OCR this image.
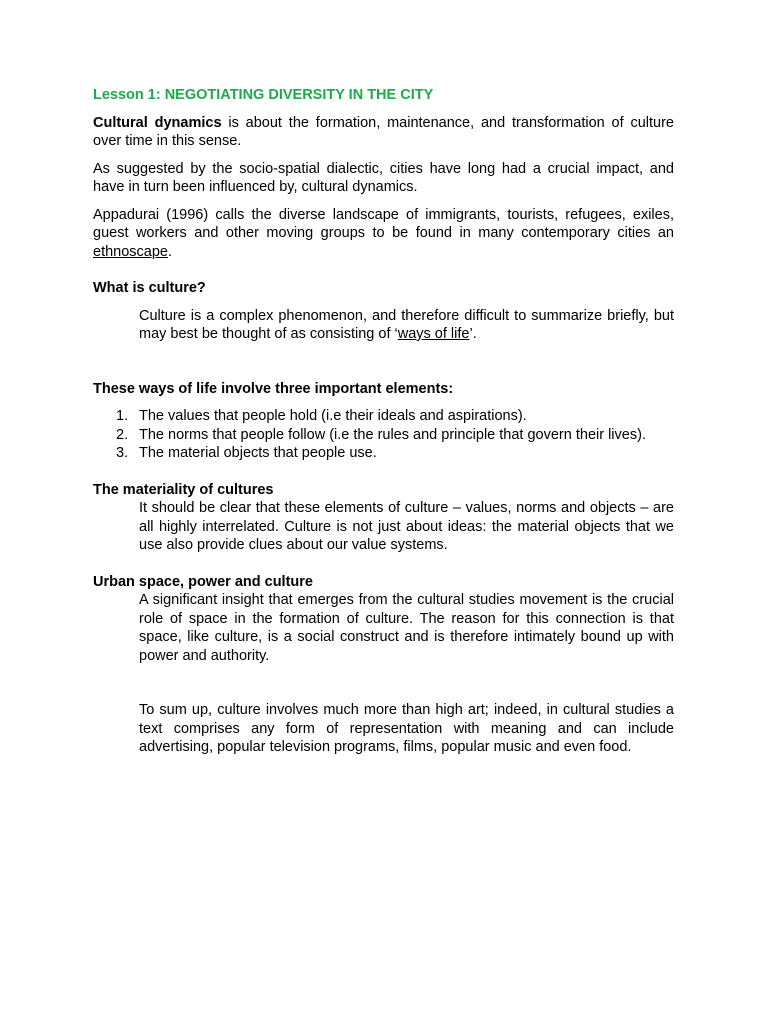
Lesson 1: NEGOTIATING DIVERSITY IN THE CITY

Cultural dynamics is about the formation, maintenance, and transformation of culture over time in this sense.

As suggested by the socio-spatial dialectic, cities have long had a crucial impact, and have in turn been influenced by, cultural dynamics.

Appadurai (1996) calls the diverse landscape of immigrants, tourists, refugees, exiles, guest workers and other moving groups to be found in many contemporary cities an ethnoscape.

What is culture?
Culture is a complex phenomenon, and therefore difficult to summarize briefly, but may best be thought of as consisting of ‘ways of life’.
These ways of life involve three important elements:
1. The values that people hold (i.e their ideals and aspirations).
2. The norms that people follow (i.e the rules and principle that govern their lives).
3. The material objects that people use.
The materiality of cultures
It should be clear that these elements of culture – values, norms and objects – are all highly interrelated. Culture is not just about ideas: the material objects that we use also provide clues about our value systems.
Urban space, power and culture
A significant insight that emerges from the cultural studies movement is the crucial role of space in the formation of culture. The reason for this connection is that space, like culture, is a social construct and is therefore intimately bound up with power and authority.
To sum up, culture involves much more than high art; indeed, in cultural studies a text comprises any form of representation with meaning and can include advertising, popular television programs, films, popular music and even food.
